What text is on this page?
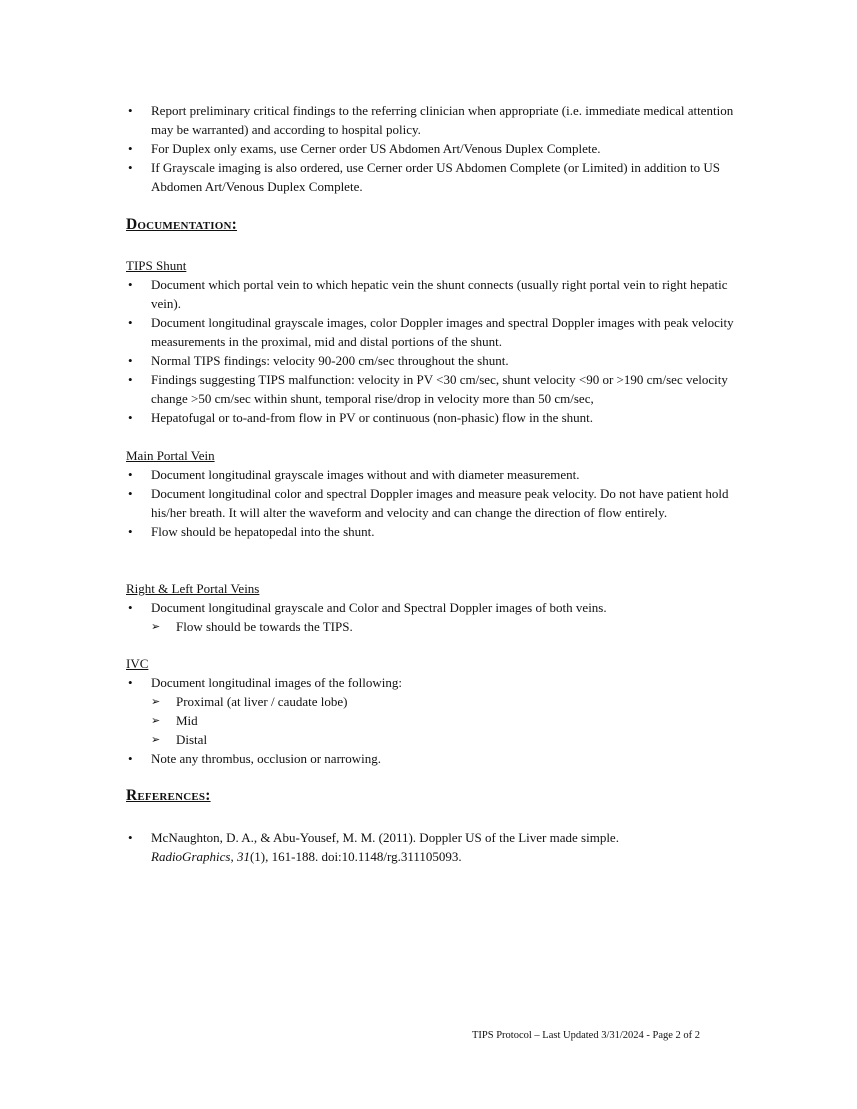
• Report preliminary critical findings to the referring clinician when appropriate (i.e. immediate medical attention may be warranted) and according to hospital policy.
• For Duplex only exams, use Cerner order US Abdomen Art/Venous Duplex Complete.
• If Grayscale imaging is also ordered, use Cerner order US Abdomen Complete (or Limited) in addition to US Abdomen Art/Venous Duplex Complete.
Documentation:
TIPS Shunt
• Document which portal vein to which hepatic vein the shunt connects (usually right portal vein to right hepatic vein).
• Document longitudinal grayscale images, color Doppler images and spectral Doppler images with peak velocity measurements in the proximal, mid and distal portions of the shunt.
• Normal TIPS findings: velocity 90-200 cm/sec throughout the shunt.
• Findings suggesting TIPS malfunction: velocity in PV <30 cm/sec, shunt velocity <90 or >190 cm/sec velocity change >50 cm/sec within shunt, temporal rise/drop in velocity more than 50 cm/sec,
• Hepatofugal or to-and-from flow in PV or continuous (non-phasic) flow in the shunt.
Main Portal Vein
• Document longitudinal grayscale images without and with diameter measurement.
• Document longitudinal color and spectral Doppler images and measure peak velocity. Do not have patient hold his/her breath. It will alter the waveform and velocity and can change the direction of flow entirely.
• Flow should be hepatopedal into the shunt.
Right & Left Portal Veins
• Document longitudinal grayscale and Color and Spectral Doppler images of both veins.
➢ Flow should be towards the TIPS.
IVC
• Document longitudinal images of the following:
➢ Proximal (at liver / caudate lobe)
➢ Mid
➢ Distal
• Note any thrombus, occlusion or narrowing.
References:
• McNaughton, D. A., & Abu-Yousef, M. M. (2011). Doppler US of the Liver made simple.
RadioGraphics, 31(1), 161-188. doi:10.1148/rg.311105093.
TIPS Protocol – Last Updated 3/31/2024 - Page 2 of 2
